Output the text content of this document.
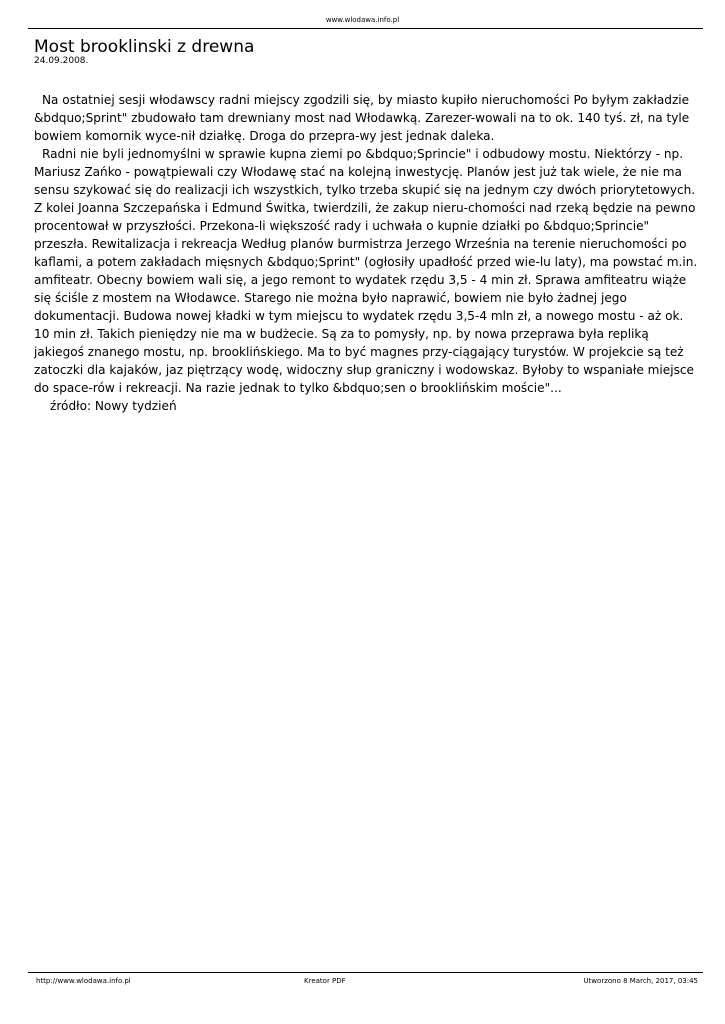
www.wlodawa.info.pl
Most brooklinski z drewna
24.09.2008.

Na ostatniej sesji włodawscy radni miejscy zgodzili się, by miasto kupiło nieruchomości Po byłym zakładzie &bdquo;Sprint" zbudowało tam drewniany most nad Włodawką. Zarezer-wowali na to ok. 140 tyś. zł, na tyle bowiem komornik wyce-nił działkę. Droga do przepra-wy jest jednak daleka.

Radni nie byli jednomyślni w sprawie kupna ziemi po &bdquo;Sprincie" i odbudowy mostu. Niektórzy - np. Mariusz Zańko - powątpiewali czy Włodawę stać na kolejną inwestycję. Planów jest już tak wiele, że nie ma sensu szykować się do realizacji ich wszystkich, tylko trzeba skupić się na jednym czy dwóch priorytetowych. Z kolei Joanna Szczepańska i Edmund Świtka, twierdzili, że zakup nieru-chomości nad rzeką będzie na pewno procentował w przyszłości. Przekona-li większość rady i uchwała o kupnie działki po &bdquo;Sprincie" przeszła. Rewitalizacja i rekreacja Według planów burmistrza Jerzego Września na terenie nieruchomości po kaflami, a potem zakładach mięsnych &bdquo;Sprint" (ogłosiły upadłość przed wie-lu laty), ma powstać m.in. amfiteatr. Obecny bowiem wali się, a jego remont to wydatek rzędu 3,5 - 4 min zł. Sprawa amfiteatru wiąże się ściśle z mostem na Włodawce. Starego nie można było naprawić, bowiem nie było żadnej jego dokumentacji. Budowa nowej kładki w tym miejscu to wydatek rzędu 3,5-4 mln zł, a nowego mostu - aż ok. 10 min zł. Takich pieniędzy nie ma w budżecie. Są za to pomysły, np. by nowa przeprawa była repliką jakiegoś znanego mostu, np. brooklińskiego. Ma to być magnes przy-ciągający turystów. W projekcie są też zatoczki dla kajaków, jaz piętrzący wodę, widoczny słup graniczny i wodowskaz. Byłoby to wspaniałe miejsce do space-rów i rekreacji. Na razie jednak to tylko &bdquo;sen o brooklińskim moście"...

źródło: Nowy tydzień

http://www.wlodawa.info.pl	Kreator PDF	Utworzono 8 March, 2017, 03:45
